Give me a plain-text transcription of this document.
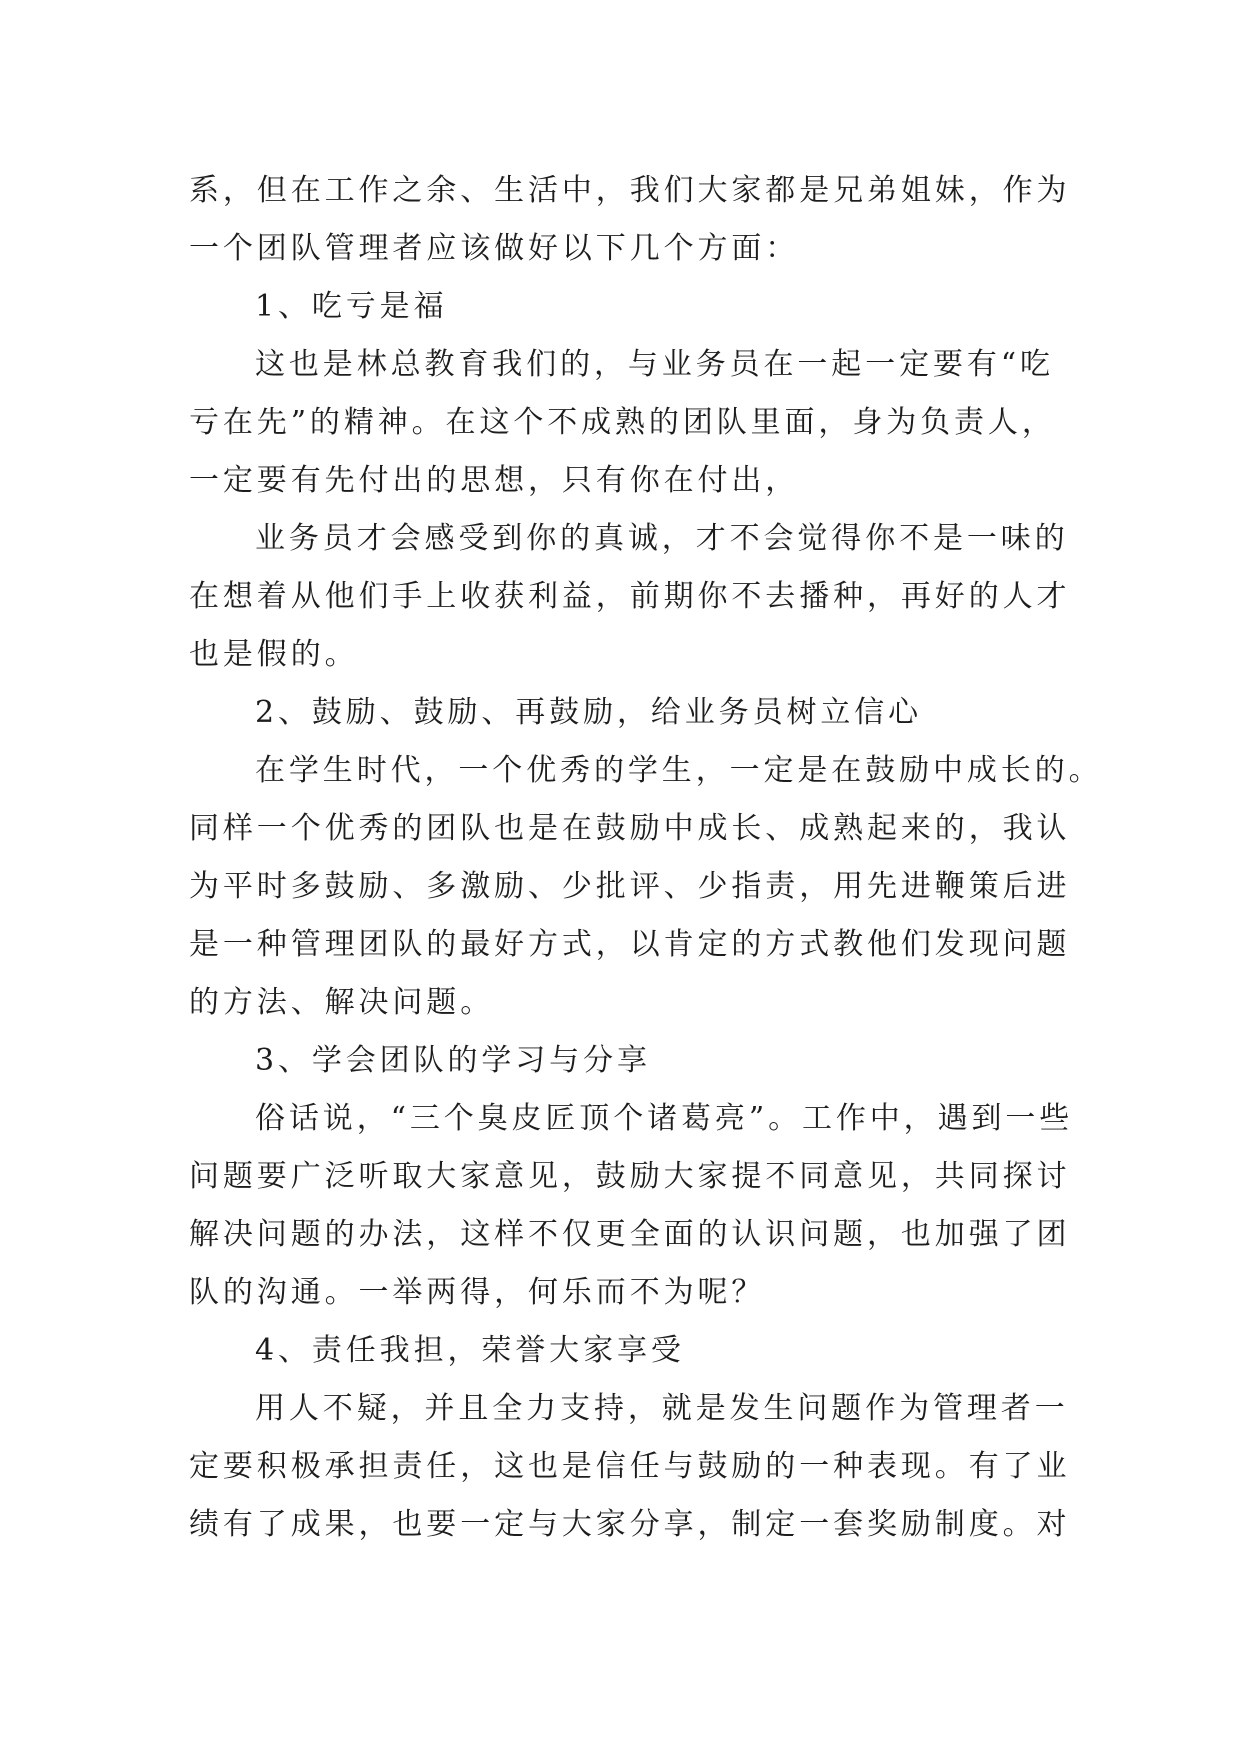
系，但在工作之余、生活中，我们大家都是兄弟姐妹，作为
一个团队管理者应该做好以下几个方面：
1、吃亏是福
这也是林总教育我们的，与业务员在一起一定要有“吃
亏在先”的精神。在这个不成熟的团队里面，身为负责人，
一定要有先付出的思想，只有你在付出，
业务员才会感受到你的真诚，才不会觉得你不是一味的
在想着从他们手上收获利益，前期你不去播种，再好的人才
也是假的。
2、鼓励、鼓励、再鼓励，给业务员树立信心
在学生时代，一个优秀的学生，一定是在鼓励中成长的。
同样一个优秀的团队也是在鼓励中成长、成熟起来的，我认
为平时多鼓励、多激励、少批评、少指责，用先进鞭策后进
是一种管理团队的最好方式，以肯定的方式教他们发现问题
的方法、解决问题。
3、学会团队的学习与分享
俗话说，“三个臭皮匠顶个诸葛亮”。工作中，遇到一些
问题要广泛听取大家意见，鼓励大家提不同意见，共同探讨
解决问题的办法，这样不仅更全面的认识问题，也加强了团
队的沟通。一举两得，何乐而不为呢？
4、责任我担，荣誉大家享受
用人不疑，并且全力支持，就是发生问题作为管理者一
定要积极承担责任，这也是信任与鼓励的一种表现。有了业
绩有了成果，也要一定与大家分享，制定一套奖励制度。对
